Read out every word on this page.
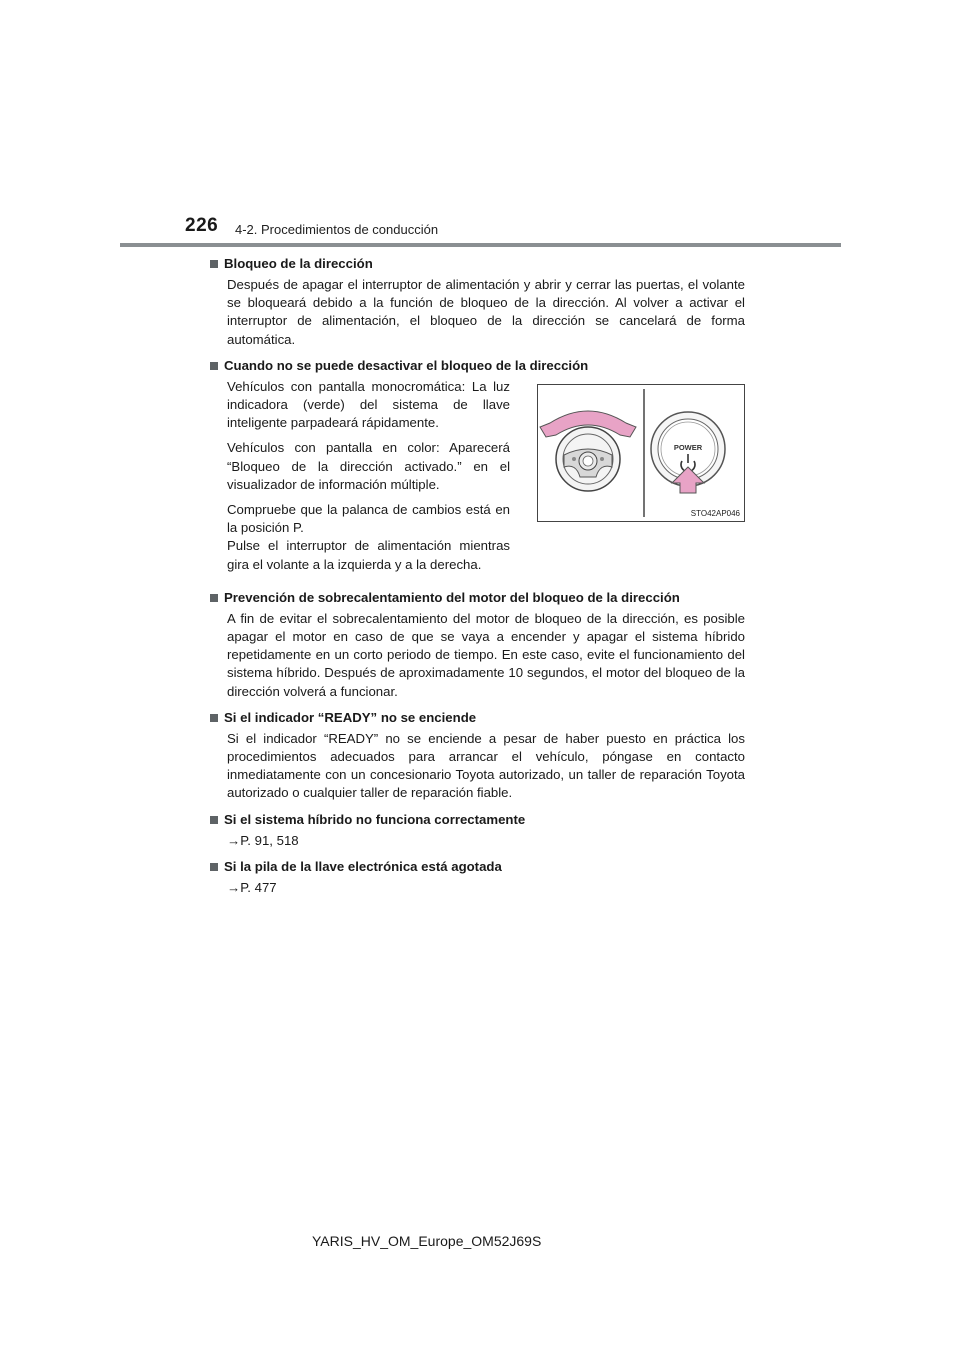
226 4-2. Procedimientos de conducción
Bloqueo de la dirección
Después de apagar el interruptor de alimentación y abrir y cerrar las puertas, el volante se bloqueará debido a la función de bloqueo de la dirección. Al volver a activar el interruptor de alimentación, el bloqueo de la dirección se cancelará de forma automática.
Cuando no se puede desactivar el bloqueo de la dirección

Vehículos con pantalla monocromática: La luz indicadora (verde) del sistema de llave inteligente parpadeará rápidamente.

Vehículos con pantalla en color: Aparecerá “Bloqueo de la dirección activado.” en el visualizador de información múltiple.

Compruebe que la palanca de cambios está en la posición P.

Pulse el interruptor de alimentación mientras gira el volante a la izquierda y a la derecha.

POWER
STO42AP046
Prevención de sobrecalentamiento del motor del bloqueo de la dirección
A fin de evitar el sobrecalentamiento del motor de bloqueo de la dirección, es posible apagar el motor en caso de que se vaya a encender y apagar el sistema híbrido repetidamente en un corto periodo de tiempo. En este caso, evite el funcionamiento del sistema híbrido. Después de aproximadamente 10 segundos, el motor del bloqueo de la dirección volverá a funcionar.
Si el indicador “READY” no se enciende
Si el indicador “READY” no se enciende a pesar de haber puesto en práctica los procedimientos adecuados para arrancar el vehículo, póngase en contacto inmediatamente con un concesionario Toyota autorizado, un taller de reparación Toyota autorizado o cualquier taller de reparación fiable.
Si el sistema híbrido no funciona correctamente
→P. 91, 518
Si la pila de la llave electrónica está agotada
→P. 477
YARIS_HV_OM_Europe_OM52J69S
